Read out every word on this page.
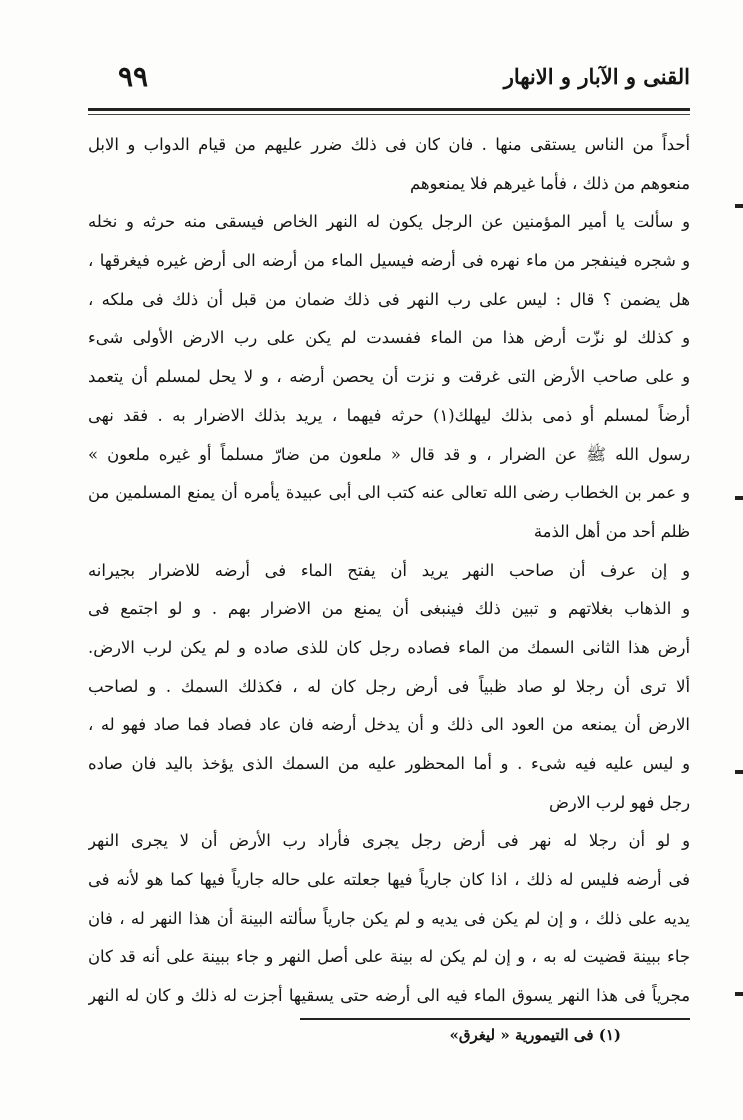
القنى و الآبار و الانهار
٩٩
أحداً من الناس يستقى منها . فان كان فى ذلك ضرر عليهم من قيام الدواب و الابل
منعوهم من ذلك ، فأما غيرهم فلا يمنعوهم
و سألت يا أمير المؤمنين عن الرجل يكون له النهر الخاص فيسقى منه حرثه و نخله
و شجره فينفجر من ماء نهره فى أرضه فيسيل الماء من أرضه الى أرض غيره فيغرقها ،
هل يضمن ؟ قال : ليس على رب النهر فى ذلك ضمان من قبل أن ذلك فى ملكه ،
و كذلك لو نزّت أرض هذا من الماء ففسدت لم يكن على رب الارض الأولى شىء
و على صاحب الأرض التى غرقت و نزت أن يحصن أرضه ، و لا يحل لمسلم أن يتعمد
أرضاً لمسلم أو ذمى بذلك ليهلك(١) حرثه فيهما ، يريد بذلك الاضرار به . فقد نهى
رسول الله ﷺ عن الضرار ، و قد قال « ملعون من ضارّ مسلماً أو غيره ملعون »
و عمر بن الخطاب رضى الله تعالى عنه كتب الى أبى عبيدة يأمره أن يمنع المسلمين من
ظلم أحد من أهل الذمة
و إن عرف أن صاحب النهر يريد أن يفتح الماء فى أرضه للاضرار بجيرانه
و الذهاب بغلاتهم و تبين ذلك فينبغى أن يمنع من الاضرار بهم . و لو اجتمع فى
أرض هذا الثانى السمك من الماء فصاده رجل كان للذى صاده و لم يكن لرب الارض.
ألا ترى أن رجلا لو صاد ظبياً فى أرض رجل كان له ، فكذلك السمك . و لصاحب
الارض أن يمنعه من العود الى ذلك و أن يدخل أرضه فان عاد فصاد فما صاد فهو له ،
و ليس عليه فيه شىء . و أما المحظور عليه من السمك الذى يؤخذ باليد فان صاده
رجل فهو لرب الارض
و لو أن رجلا له نهر فى أرض رجل يجرى فأراد رب الأرض أن لا يجرى النهر
فى أرضه فليس له ذلك ، اذا كان جارياً فيها جعلته على حاله جارياً فيها كما هو لأنه فى
يديه على ذلك ، و إن لم يكن فى يديه و لم يكن جارياً سألته البينة أن هذا النهر له ، فان
جاء ببينة قضيت له به ، و إن لم يكن له بينة على أصل النهر و جاء ببينة على أنه قد كان
مجرياً فى هذا النهر يسوق الماء فيه الى أرضه حتى يسقيها أجزت له ذلك و كان له النهر
(١) فى التيمورية « ليغرق»
